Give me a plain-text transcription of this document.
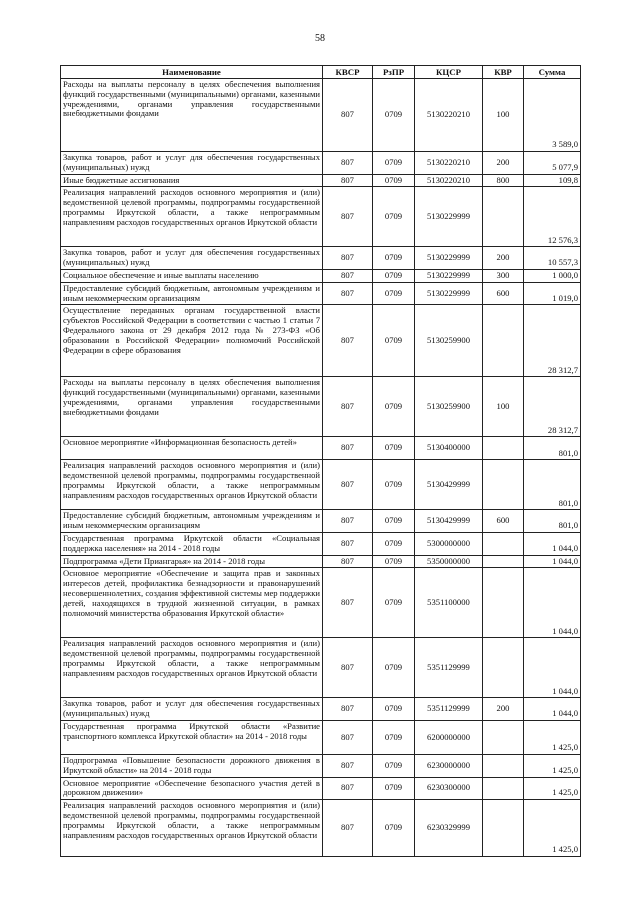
58
Наименование	КВСР	РзПР	КЦСР	КВР	Сумма
Расходы на выплаты персоналу в целях обеспечения выполнения функций государственными (муниципальными) органами, казенными учреждениями, органами управления государственными внебюджетными фондами	807	0709	5130220210	100	3 589,0
Закупка товаров, работ и услуг для обеспечения государственных (муниципальных) нужд	807	0709	5130220210	200	5 077,9
Иные бюджетные ассигнования	807	0709	5130220210	800	109,8
Реализация направлений расходов основного мероприятия и (или) ведомственной целевой программы, подпрограммы государственной программы Иркутской области, а также непрограммным направлениям расходов государственных органов Иркутской области	807	0709	5130229999		12 576,3
Закупка товаров, работ и услуг для обеспечения государственных (муниципальных) нужд	807	0709	5130229999	200	10 557,3
Социальное обеспечение и иные выплаты населению	807	0709	5130229999	300	1 000,0
Предоставление субсидий бюджетным, автономным учреждениям и иным некоммерческим организациям	807	0709	5130229999	600	1 019,0
Осуществление переданных органам государственной власти субъектов Российской Федерации в соответствии с частью 1 статьи 7 Федерального закона от 29 декабря 2012 года № 273-ФЗ «Об образовании в Российской Федерации» полномочий Российской Федерации в сфере образования	807	0709	5130259900		28 312,7
Расходы на выплаты персоналу в целях обеспечения выполнения функций государственными (муниципальными) органами, казенными учреждениями, органами управления государственными внебюджетными фондами	807	0709	5130259900	100	28 312,7
Основное мероприятие «Информационная безопасность детей»	807	0709	5130400000		801,0
Реализация направлений расходов основного мероприятия и (или) ведомственной целевой программы, подпрограммы государственной программы Иркутской области, а также непрограммным направлениям расходов государственных органов Иркутской области	807	0709	5130429999		801,0
Предоставление субсидий бюджетным, автономным учреждениям и иным некоммерческим организациям	807	0709	5130429999	600	801,0
Государственная программа Иркутской области «Социальная поддержка населения» на 2014 - 2018 годы	807	0709	5300000000		1 044,0
Подпрограмма «Дети Приангарья» на 2014 - 2018 годы	807	0709	5350000000		1 044,0
Основное мероприятие «Обеспечение и защита прав и законных интересов детей, профилактика безнадзорности и правонарушений несовершеннолетних, создания эффективной системы мер поддержки детей, находящихся в трудной жизненной ситуации, в рамках полномочий министерства образования Иркутской области»	807	0709	5351100000		1 044,0
Реализация направлений расходов основного мероприятия и (или) ведомственной целевой программы, подпрограммы государственной программы Иркутской области, а также непрограммным направлениям расходов государственных органов Иркутской области	807	0709	5351129999		1 044,0
Закупка товаров, работ и услуг для обеспечения государственных (муниципальных) нужд	807	0709	5351129999	200	1 044,0
Государственная программа Иркутской области «Развитие транспортного комплекса Иркутской области» на 2014 - 2018 годы	807	0709	6200000000		1 425,0
Подпрограмма «Повышение безопасности дорожного движения в Иркутской области» на 2014 - 2018 годы	807	0709	6230000000		1 425,0
Основное мероприятие «Обеспечение безопасного участия детей в дорожном движении»	807	0709	6230300000		1 425,0
Реализация направлений расходов основного мероприятия и (или) ведомственной целевой программы, подпрограммы государственной программы Иркутской области, а также непрограммным направлениям расходов государственных органов Иркутской области	807	0709	6230329999		1 425,0
